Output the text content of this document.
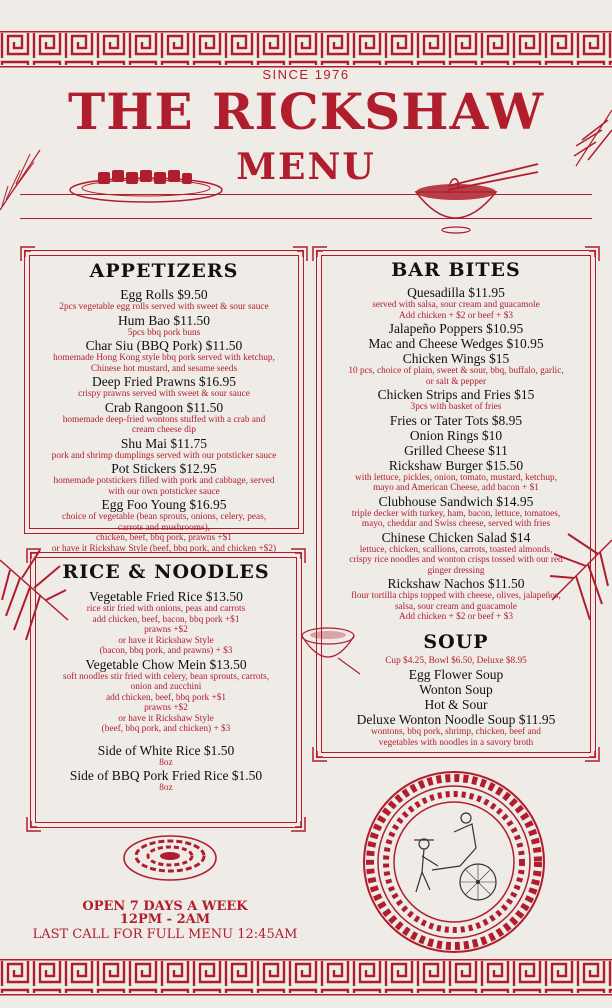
SINCE 1976
THE RICKSHAW
MENU

APPETIZERS

Egg Rolls $9.50

2pcs vegetable egg rolls served with sweet & sour sauce

Hum Bao $11.50

5pcs bbq pork buns

Char Siu (BBQ Pork) $11.50

homemade Hong Kong style bbq pork served with ketchup,

Chinese hot mustard, and sesame seeds

Deep Fried Prawns $16.95

crispy prawns served with sweet & sour sauce

Crab Rangoon $11.50

homemade deep-fried wontons stuffed with a crab and

cream cheese dip

Shu Mai $11.75

pork and shrimp dumplings served with our potsticker sauce

Pot Stickers $12.95

homemade potstickers filled with pork and cabbage, served

with our own potsticker sauce

Egg Foo Young $16.95

choice of vegetable (bean sprouts, onions, celery, peas,

carrots and mushrooms),

chicken, beef, bbq pork, prawns +$1

or have it Rickshaw Style (beef, bbq pork, and chicken +$2)

RICE & NOODLES

Vegetable Fried Rice $13.50

rice stir fried with onions, peas and carrots

add chicken, beef, bacon, bbq pork +$1

prawns +$2

or have it Rickshaw Style

(bacon, bbq pork, and prawns) + $3

Vegetable Chow Mein $13.50

soft noodles stir fried with celery, bean sprouts, carrots,

onion and zucchini

add chicken, beef, bbq pork +$1

prawns +$2

or have it Rickshaw Style

(beef, bbq pork, and chicken) + $3

Side of White Rice $1.50

8oz

Side of BBQ Pork Fried Rice $1.50

8oz

BAR BITES

Quesadilla $11.95

served with salsa, sour cream and guacamole

Add chicken + $2 or beef + $3

Jalapeño Poppers $10.95

Mac and Cheese Wedges $10.95

Chicken Wings $15

10 pcs, choice of plain, sweet & sour, bbq, buffalo, garlic,

or salt & pepper

Chicken Strips and Fries $15

3pcs with basket of fries

Fries or Tater Tots $8.95

Onion Rings $10

Grilled Cheese $11

Rickshaw Burger $15.50

with lettuce, pickles, onion, tomato, mustard, ketchup,

mayo and American Cheese, add bacon + $1

Clubhouse Sandwich $14.95

triple decker with turkey, ham, bacon, lettuce, tomatoes,

mayo, cheddar and Swiss cheese, served with fries

Chinese Chicken Salad $14

lettuce, chicken, scallions, carrots, toasted almonds,

crispy rice noodles and wonton crisps tossed with our red

ginger dressing

Rickshaw Nachos $11.50

flour tortilla chips topped with cheese, olives, jalapeños,

salsa, sour cream and guacamole

Add chicken + $2 or beef + $3

SOUP

Cup $4.25, Bowl $6.50, Deluxe $8.95

Egg Flower Soup

Wonton Soup

Hot & Sour

Deluxe Wonton Noodle Soup $11.95

wontons, bbq pork, shrimp, chicken, beef and

vegetables with noodles in a savory broth

OPEN 7 DAYS A WEEK
12PM - 2AM
LAST CALL FOR FULL MENU 12:45AM
